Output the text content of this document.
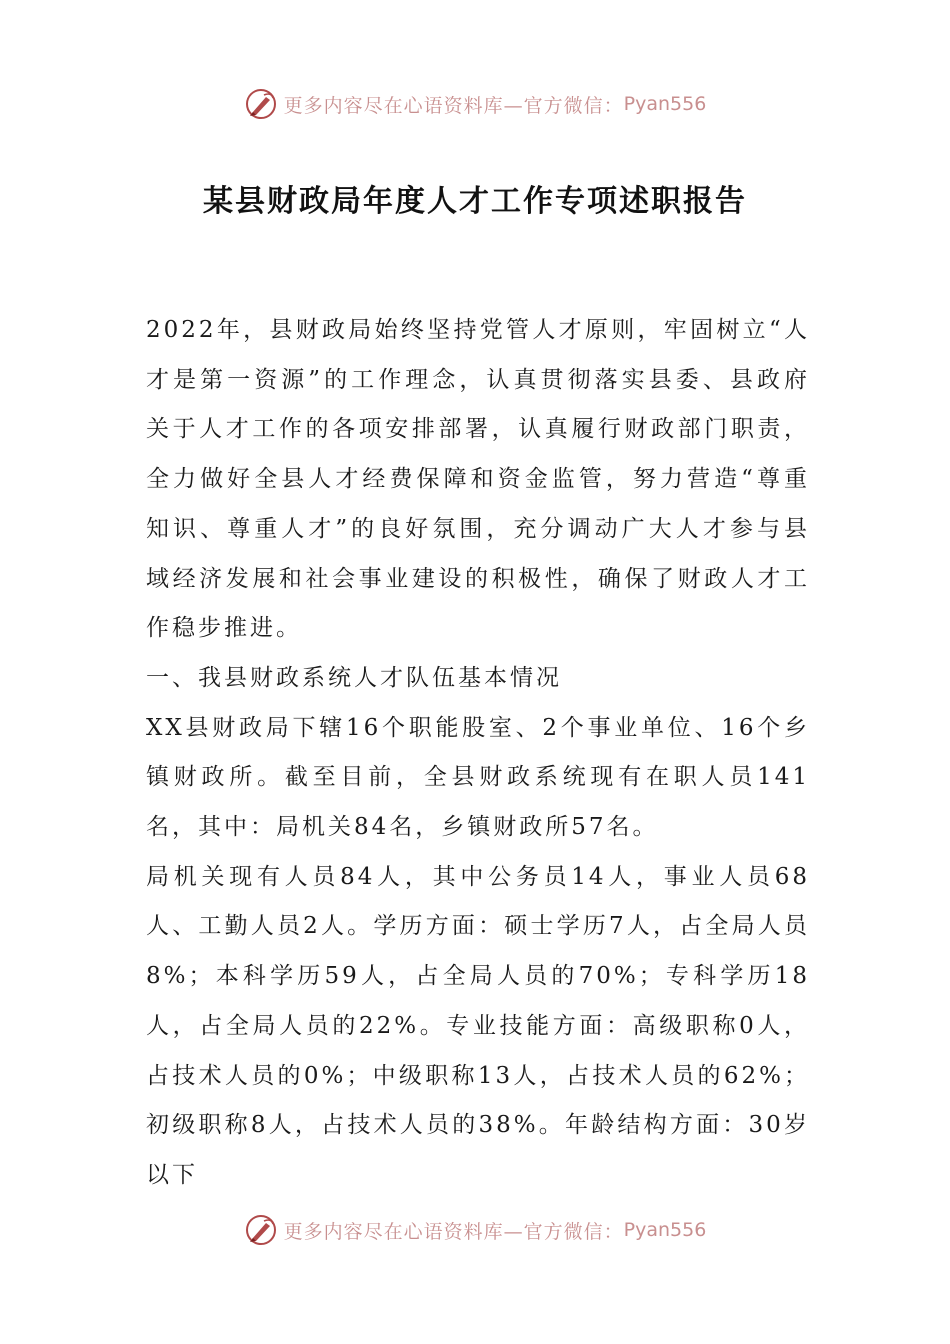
更多内容尽在心语资料库—官方微信： Pyan556
某县财政局年度人才工作专项述职报告

2022年，县财政局始终坚持党管人才原则，牢固树立“人才是第一资源”的工作理念，认真贯彻落实县委、县政府关于人才工作的各项安排部署，认真履行财政部门职责，全力做好全县人才经费保障和资金监管，努力营造“尊重知识、尊重人才”的良好氛围，充分调动广大人才参与县域经济发展和社会事业建设的积极性，确保了财政人才工作稳步推进。

一、我县财政系统人才队伍基本情况

XX县财政局下辖16个职能股室、2个事业单位、16个乡镇财政所。截至目前，全县财政系统现有在职人员141名，其中：局机关84名，乡镇财政所57名。

局机关现有人员84人，其中公务员14人，事业人员68人、工勤人员2人。学历方面：硕士学历7人，占全局人员8%；本科学历59人，占全局人员的70%；专科学历18人，占全局人员的22%。专业技能方面：高级职称0人，占技术人员的0%；中级职称13人，占技术人员的62%；初级职称8人，占技术人员的38%。年龄结构方面：30岁以下

更多内容尽在心语资料库—官方微信： Pyan556
